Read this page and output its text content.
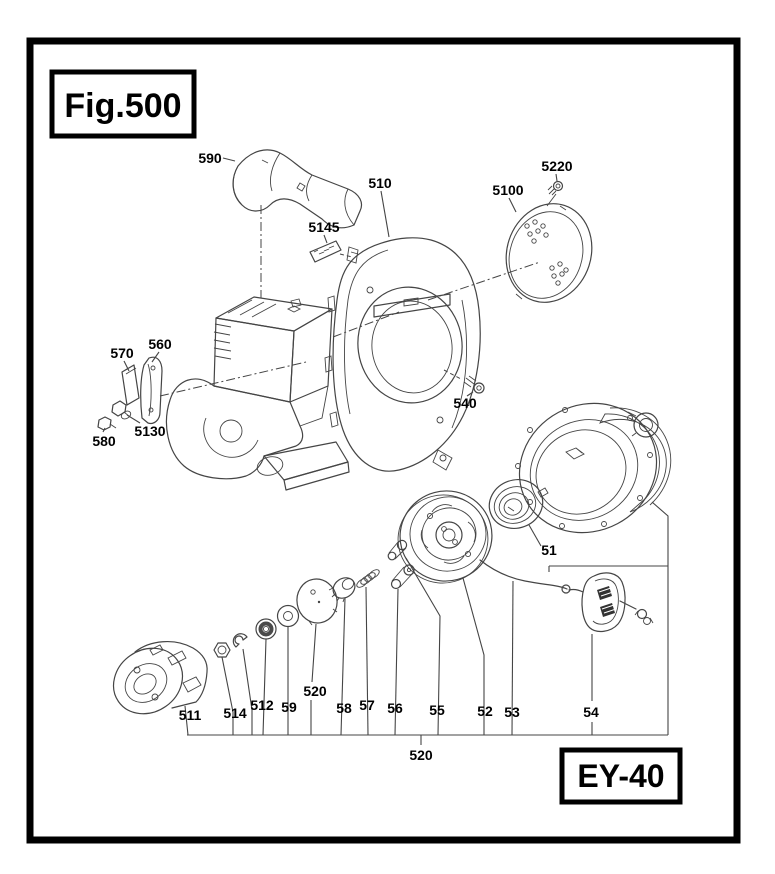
Fig.500
EY-40
590
510
5145
5100
5220
570
560
5130
580
540
51
511 514 512 59
520
58 57 56 55 52 53	54
520
